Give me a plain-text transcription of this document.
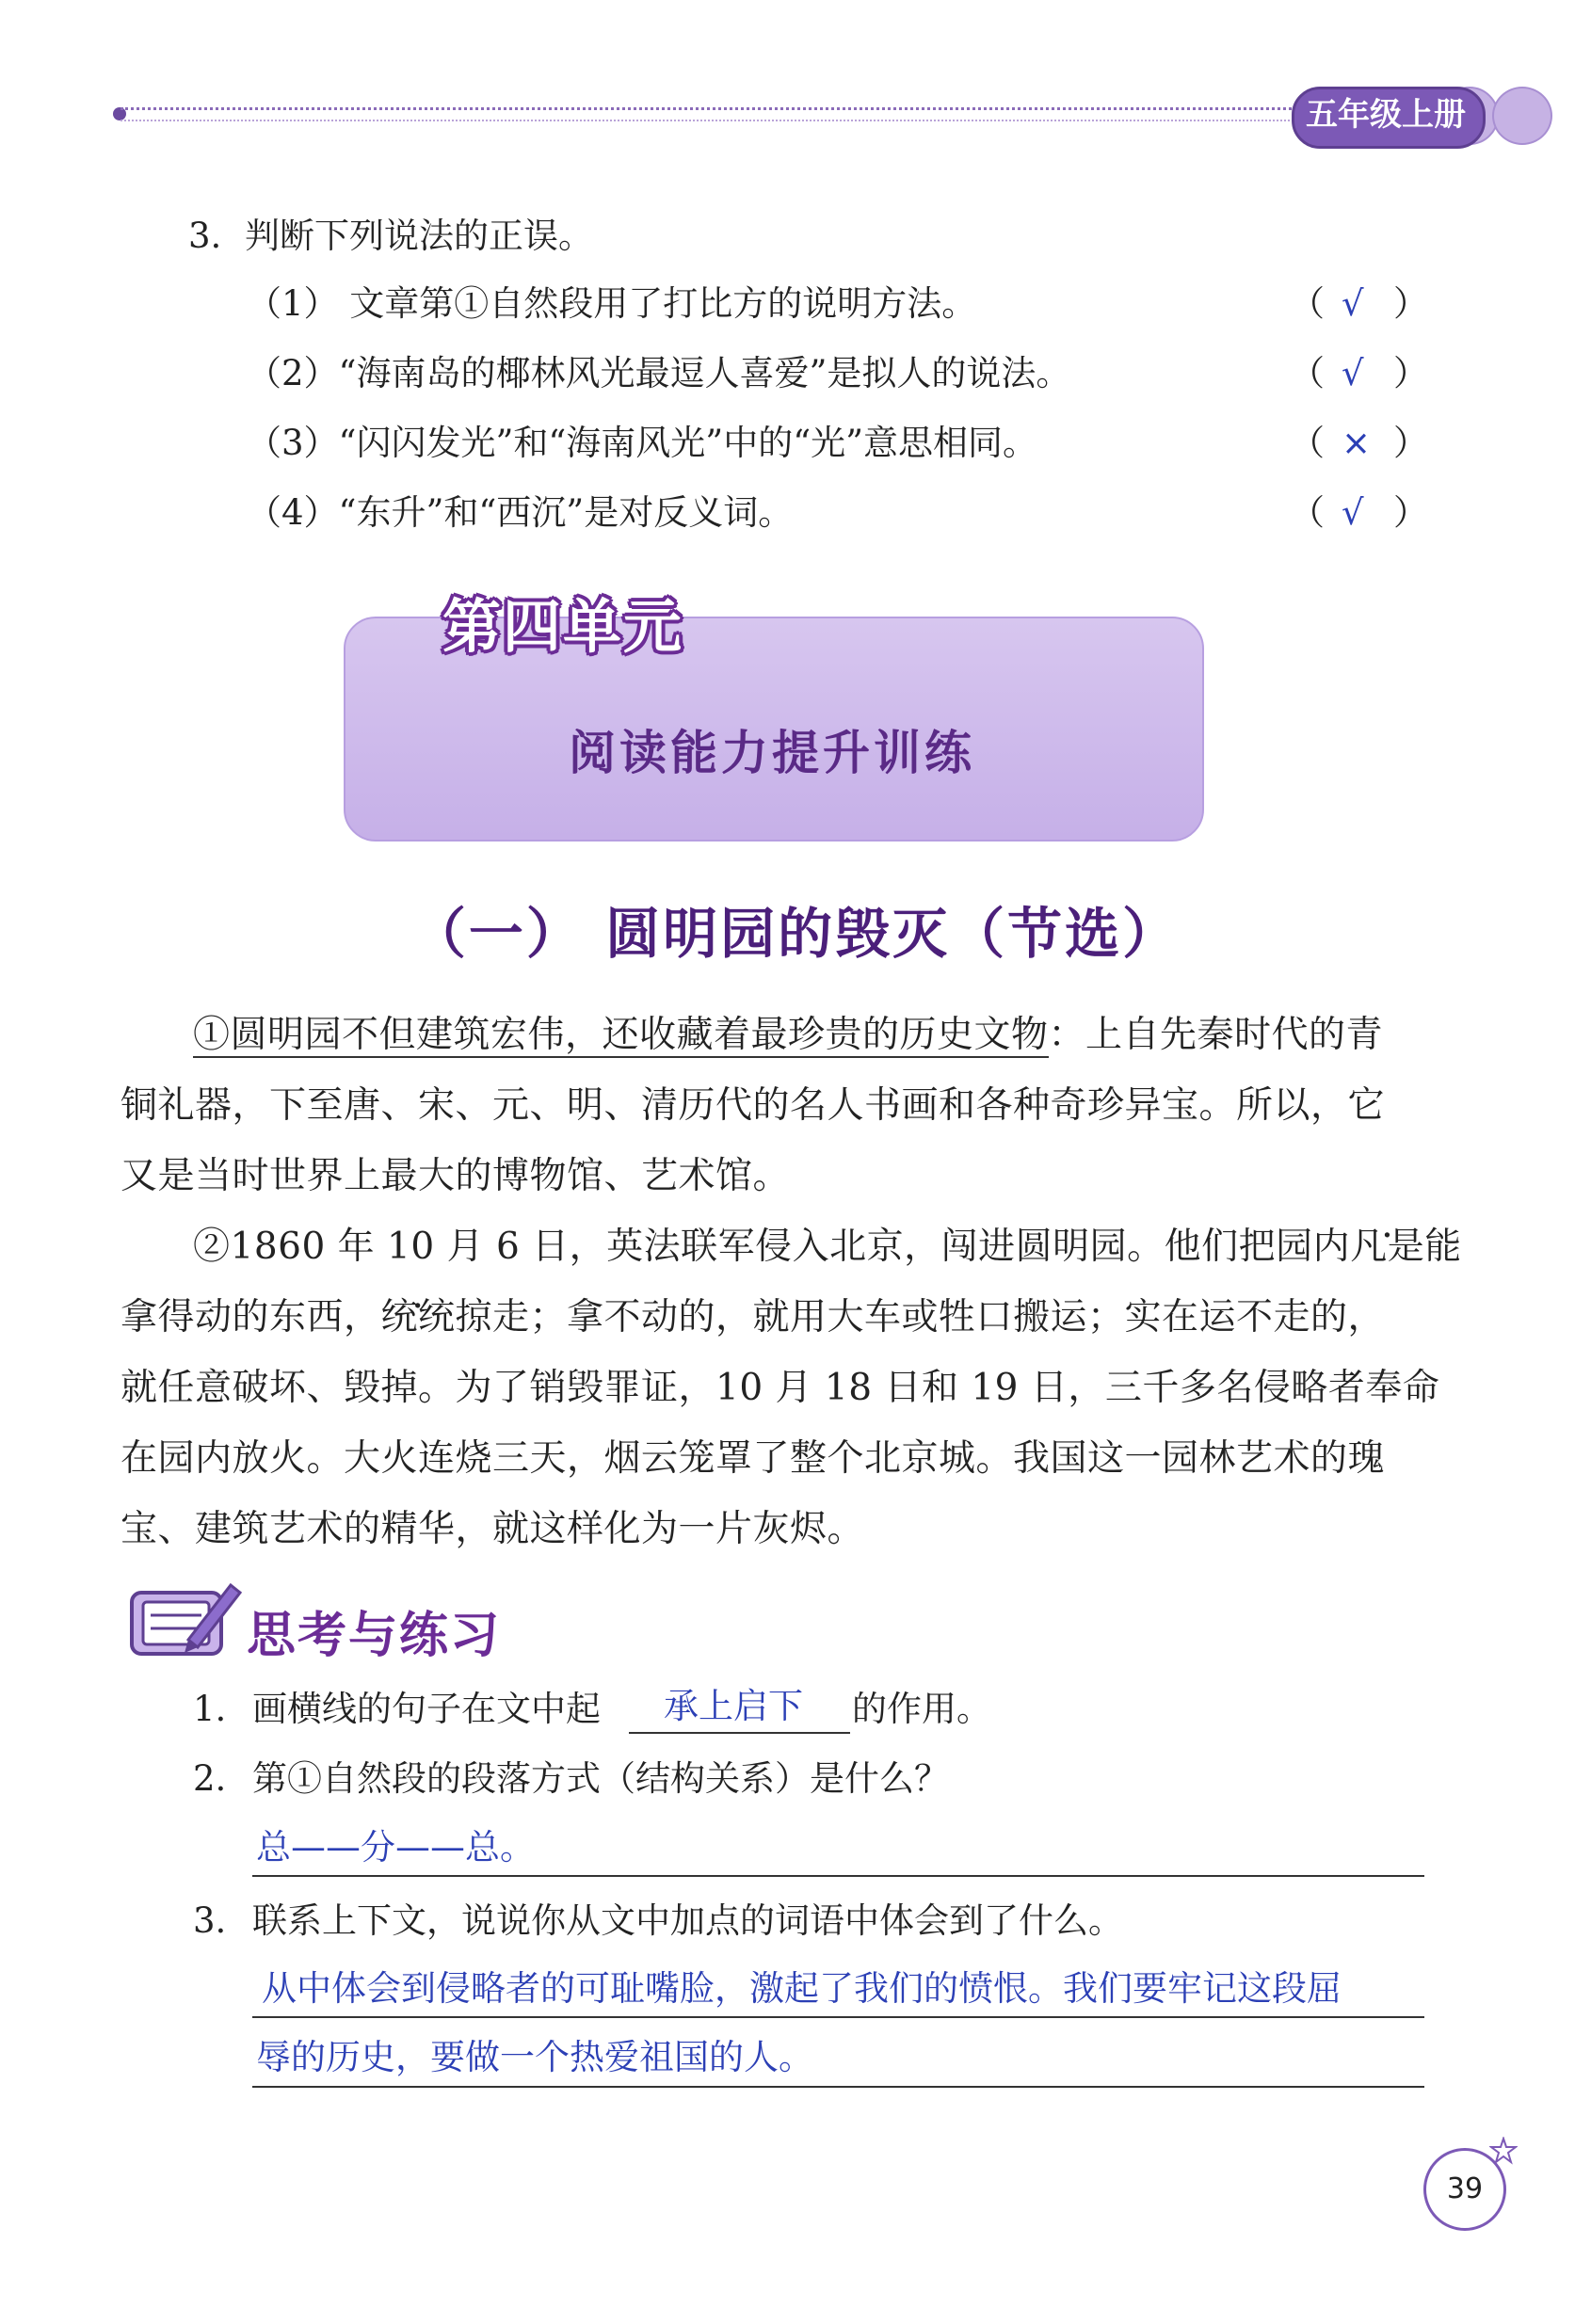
五年级上册
3. 判断下列说法的正误。
（1） 文章第①自然段用了打比方的说明方法。
（2）“海南岛的椰林风光最逗人喜爱”是拟人的说法。
（3）“闪闪发光”和“海南风光”中的“光”意思相同。
（4）“东升”和“西沉”是对反义词。
（ √ ）
（ √ ）
（ × ）
（ √ ）
第四单元
阅读能力提升训练
（一） 圆明园的毁灭（节选）
①圆明园不但建筑宏伟，还收藏着最珍贵的历史文物：上自先秦时代的青
铜礼器，下至唐、宋、元、明、清历代的名人书画和各种奇珍异宝。所以，它
又是当时世界上最大的博物馆、艺术馆。
②1860 年 10 月 6 日，英法联军侵入北京，闯进圆明园。他们把园内凡是 ·能
拿得动的东西，统统 ·掠走；拿不动的，就用大车或牲口搬运；实在运不走的，
就任意破坏、毁掉。为了销毁罪证，10 月 18 日和 19 日，三千多名侵略者奉命
在园内放火。大火连烧三天，烟云笼罩了整个北京城。我国这一园林艺术的瑰
宝、建筑艺术的精华，就这样化为一片灰烬。
思考与练习
1. 画横线的句子在文中起 承上启下 的作用。
2. 第①自然段的段落方式（结构关系）是什么？
总——分——总。
3. 联系上下文，说说你从文中加点的词语中体会到了什么。
从中体会到侵略者的可耻嘴脸，激起了我们的愤恨。我们要牢记这段屈
辱的历史，要做一个热爱祖国的人。
39
